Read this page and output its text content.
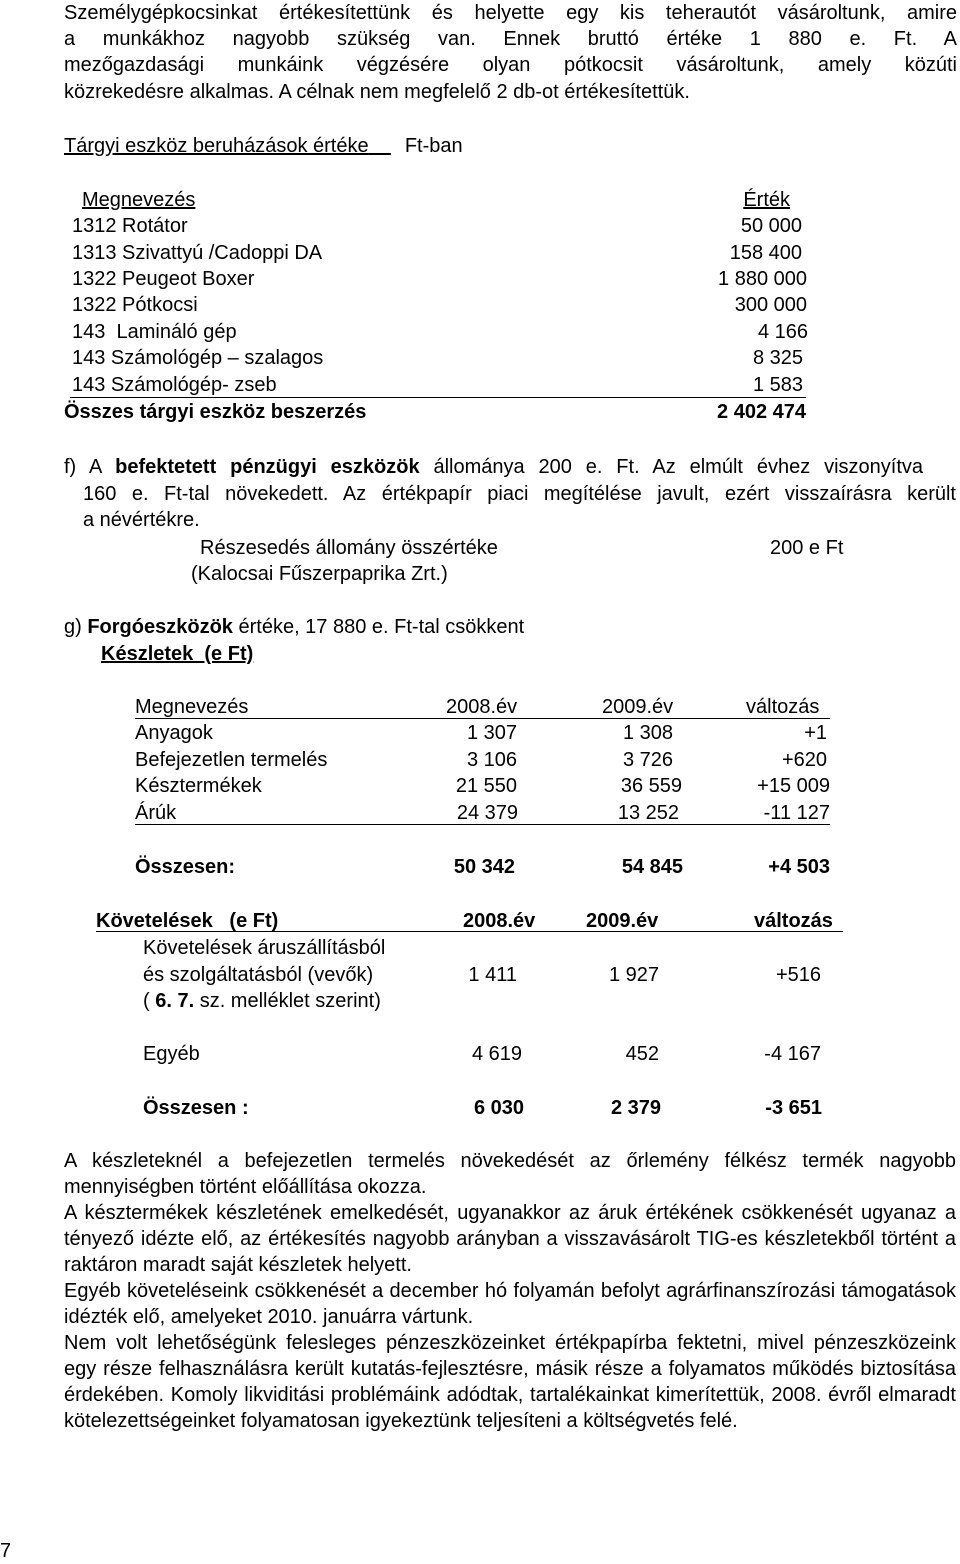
Személygépkocsinkat értékesítettünk és helyette egy kis teherautót vásároltunk, amire
a munkákhoz nagyobb szükség van. Ennek bruttó értéke 1 880 e. Ft. A
mezőgazdasági munkáink végzésére olyan pótkocsit vásároltunk, amely közúti
közrekedésre alkalmas. A célnak nem megfelelő 2 db-ot értékesítettük.
Tárgyi eszköz beruházások értéke Ft-ban
Megnevezés	Érték
1312 Rotátor	50 000
1313 Szivattyú /Cadoppi DA	158 400
1322 Peugeot Boxer	1 880 000
1322 Pótkocsi	300 000
143  Lamináló gép	4 166
143 Számológép – szalagos	8 325
143 Számológép- zseb	1 583
Összes tárgyi eszköz beszerzés	2 402 474
f) A befektetett pénzügyi eszközök állománya 200 e. Ft. Az elmúlt évhez viszonyítva
160 e. Ft-tal növekedett. Az értékpapír piaci megítélése javult, ezért visszaírásra került
a névértékre.
Részesedés állomány összértéke	200 e Ft
(Kalocsai Fűszerpaprika Zrt.)
g) Forgóeszközök értéke, 17 880 e. Ft-tal csökkent
Készletek  (e Ft)
Megnevezés	2008.év	2009.év	változás
Anyagok	1 307	1 308	+1
Befejezetlen termelés	3 106	3 726	+620
Késztermékek	21 550	36 559	+15 009
Árúk	24 379	13 252	-11 127
Összesen:	50 342	54 845	+4 503
Követelések   (e Ft)	2008.év	2009.év	változás
Követelések áruszállításból
és szolgáltatásból (vevők)	1 411	1 927	+516
( 6. 7. sz. melléklet szerint)
Egyéb	4 619	452	-4 167
Összesen :	6 030	2 379	-3 651

A készleteknél a befejezetlen termelés növekedését az őrlemény félkész termék nagyobb mennyiségben történt előállítása okozza.

A késztermékek készletének emelkedését, ugyanakkor az áruk értékének csökkenését ugyanaz a tényező idézte elő, az értékesítés nagyobb arányban a visszavásárolt TIG-es készletekből történt a raktáron maradt saját készletek helyett.

Egyéb követeléseink csökkenését a december hó folyamán befolyt agrárfinanszírozási támogatások idézték elő, amelyeket 2010. januárra vártunk.

Nem volt lehetőségünk felesleges pénzeszközeinket értékpapírba fektetni, mivel pénzeszközeink egy része felhasználásra került kutatás-fejlesztésre, másik része a folyamatos működés biztosítása érdekében. Komoly likviditási problémáink adódtak, tartalékainkat kimerítettük, 2008. évről elmaradt kötelezettségeinket folyamatosan igyekeztünk teljesíteni a költségvetés felé.

7
